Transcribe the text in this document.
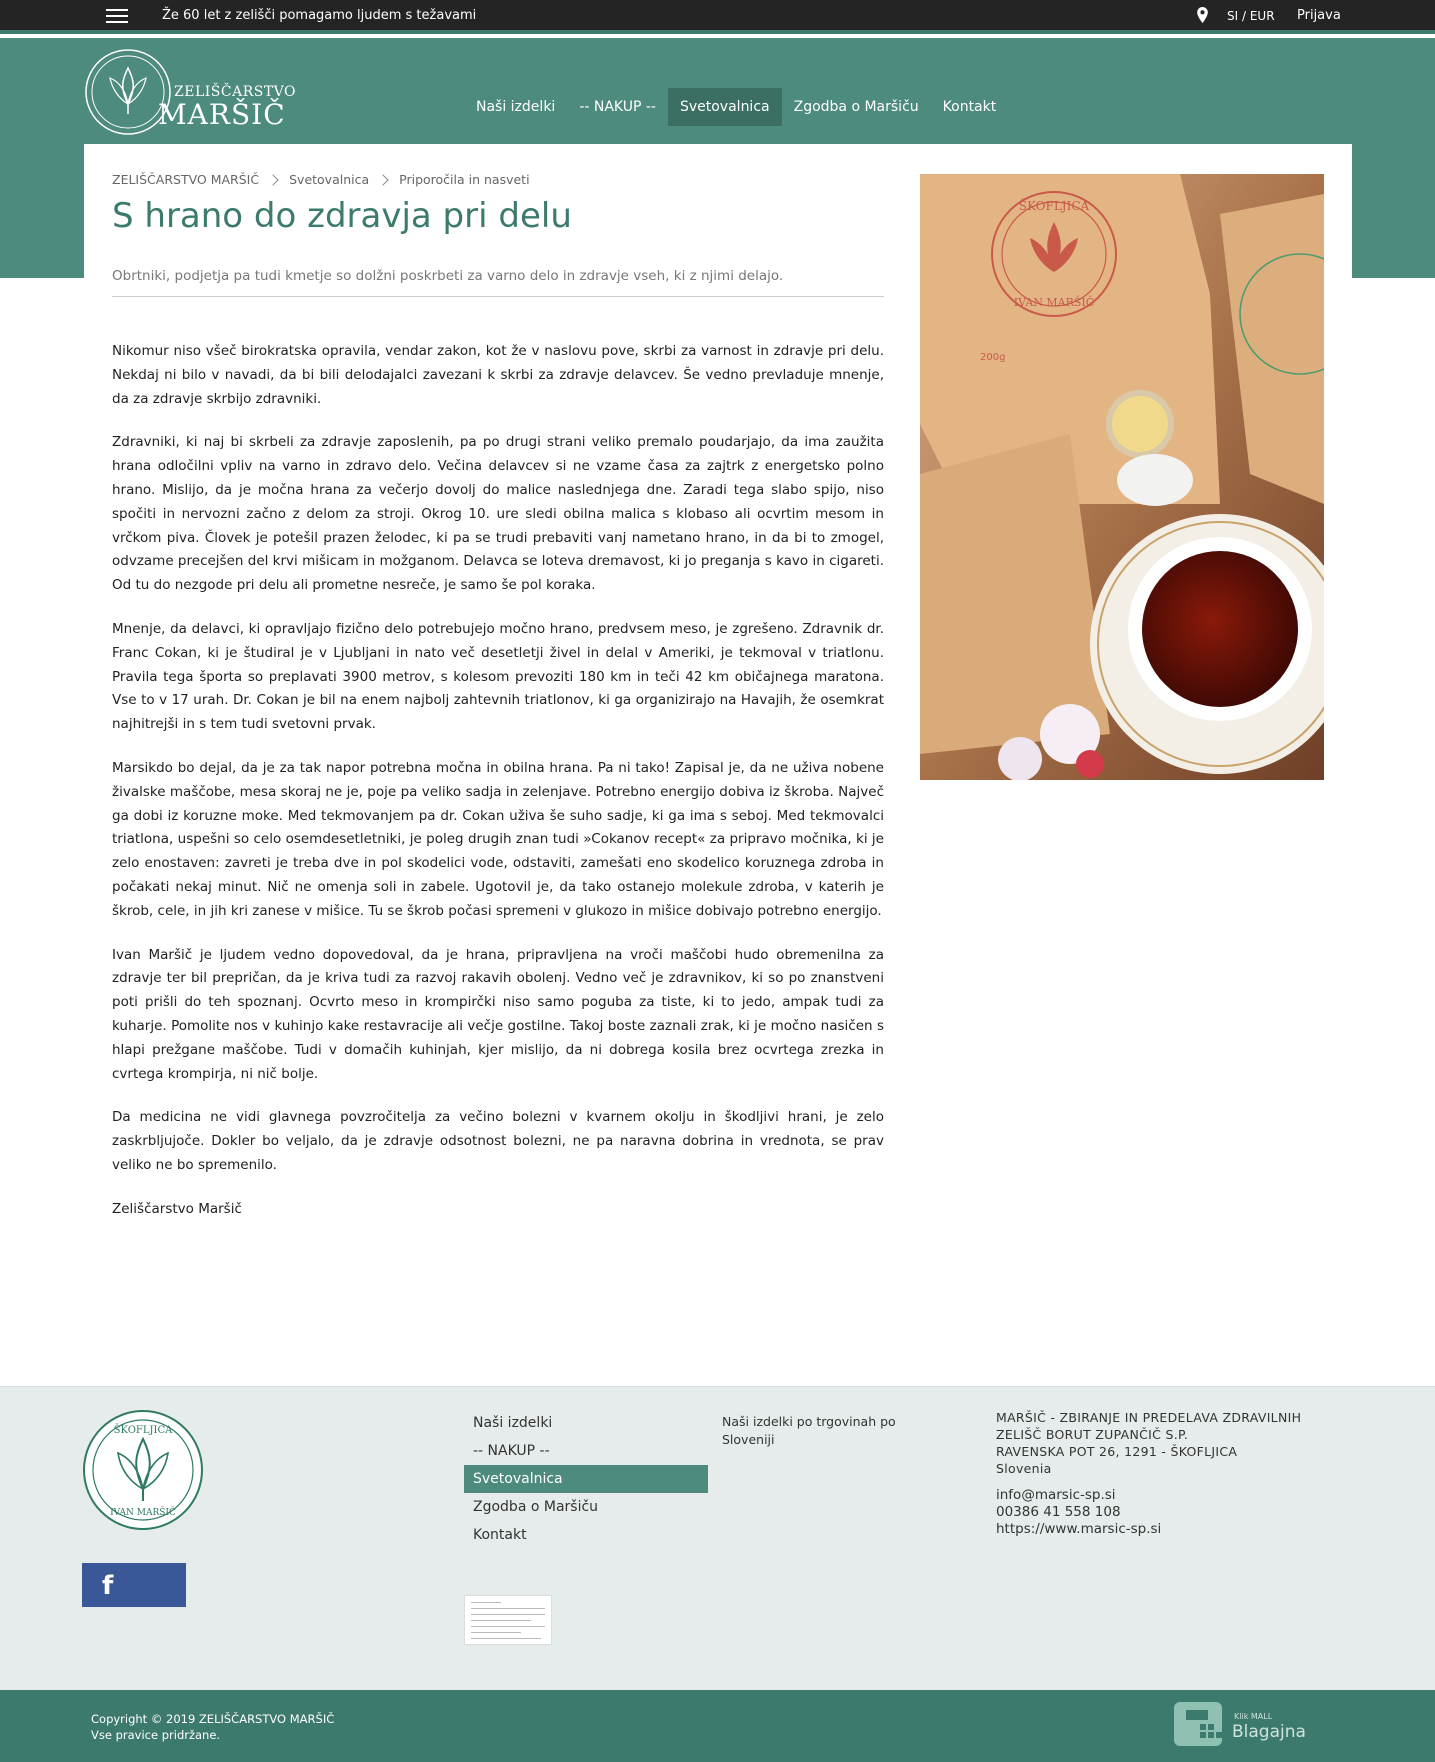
Že 60 let z zelišči pomagamo ljudem s težavami	SI / EUR Prijava
ZELIŠČARSTVO
MARŠIČ	Naši izdelki	-- NAKUP --	Svetovalnica	Zgodba o Maršiču	Kontakt
ZELIŠČARSTVO MARŠIČ Svetovalnica Priporočila in nasveti
S hrano do zdravja pri delu
Obrtniki, podjetja pa tudi kmetje so dolžni poskrbeti za varno delo in zdravje vseh, ki z njimi delajo.

Nikomur niso všeč birokratska opravila, vendar zakon, kot že v naslovu pove, skrbi za varnost in zdravje pri delu. Nekdaj ni bilo v navadi, da bi bili delodajalci zavezani k skrbi za zdravje delavcev. Še vedno prevladuje mnenje, da za zdravje skrbijo zdravniki.

Zdravniki, ki naj bi skrbeli za zdravje zaposlenih, pa po drugi strani veliko premalo poudarjajo, da ima zaužita hrana odločilni vpliv na varno in zdravo delo. Večina delavcev si ne vzame časa za zajtrk z energetsko polno hrano. Mislijo, da je močna hrana za večerjo dovolj do malice naslednjega dne. Zaradi tega slabo spijo, niso spočiti in nervozni začno z delom za stroji. Okrog 10. ure sledi obilna malica s klobaso ali ocvrtim mesom in vrčkom piva. Človek je potešil prazen želodec, ki pa se trudi prebaviti vanj nametano hrano, in da bi to zmogel, odvzame precejšen del krvi mišicam in možganom. Delavca se loteva dremavost, ki jo preganja s kavo in cigareti. Od tu do nezgode pri delu ali prometne nesreče, je samo še pol koraka.

Mnenje, da delavci, ki opravljajo fizično delo potrebujejo močno hrano, predvsem meso, je zgrešeno. Zdravnik dr. Franc Cokan, ki je študiral je v Ljubljani in nato več desetletji živel in delal v Ameriki, je tekmoval v triatlonu. Pravila tega športa so preplavati 3900 metrov, s kolesom prevoziti 180 km in teči 42 km običajnega maratona. Vse to v 17 urah. Dr. Cokan je bil na enem najbolj zahtevnih triatlonov, ki ga organizirajo na Havajih, že osemkrat najhitrejši in s tem tudi svetovni prvak.

Marsikdo bo dejal, da je za tak napor potrebna močna in obilna hrana. Pa ni tako! Zapisal je, da ne uživa nobene živalske maščobe, mesa skoraj ne je, poje pa veliko sadja in zelenjave. Potrebno energijo dobiva iz škroba. Največ ga dobi iz koruzne moke. Med tekmovanjem pa dr. Cokan uživa še suho sadje, ki ga ima s seboj. Med tekmovalci triatlona, uspešni so celo osemdesetletniki, je poleg drugih znan tudi »Cokanov recept« za pripravo močnika, ki je zelo enostaven: zavreti je treba dve in pol skodelici vode, odstaviti, zamešati eno skodelico koruznega zdroba in počakati nekaj minut. Nič ne omenja soli in zabele. Ugotovil je, da tako ostanejo molekule zdroba, v katerih je škrob, cele, in jih kri zanese v mišice. Tu se škrob počasi spremeni v glukozo in mišice dobivajo potrebno energijo.

Ivan Maršič je ljudem vedno dopovedoval, da je hrana, pripravljena na vroči maščobi hudo obremenilna za zdravje ter bil prepričan, da je kriva tudi za razvoj rakavih obolenj. Vedno več je zdravnikov, ki so po znanstveni poti prišli do teh spoznanj. Ocvrto meso in krompirčki niso samo poguba za tiste, ki to jedo, ampak tudi za kuharje. Pomolite nos v kuhinjo kake restavracije ali večje gostilne. Takoj boste zaznali zrak, ki je močno nasičen s hlapi prežgane maščobe. Tudi v domačih kuhinjah, kjer mislijo, da ni dobrega kosila brez ocvrtega zrezka in cvrtega krompirja, ni nič bolje.

Da medicina ne vidi glavnega povzročitelja za večino bolezni v kvarnem okolju in škodljivi hrani, je zelo zaskrbljujoče. Dokler bo veljalo, da je zdravje odsotnost bolezni, ne pa naravna dobrina in vrednota, se prav veliko ne bo spremenilo.

Zeliščarstvo Maršič

ŠKOFLJICA
IVAN MARŠIČ
200g
ŠKOFLJICA
IVAN MARŠIČ
f
Naši izdelki
-- NAKUP --
Svetovalnica
Zgodba o Maršiču
Kontakt
Naši izdelki po trgovinah po Sloveniji
MARŠIČ - ZBIRANJE IN PREDELAVA ZDRAVILNIH
ZELIŠČ BORUT ZUPANČIČ S.P.
RAVENSKA POT 26, 1291 - ŠKOFLJICA
Slovenia
info@marsic-sp.si
00386 41 558 108
https://www.marsic-sp.si
Copyright © 2019 ZELIŠČARSTVO MARŠIČ
Vse pravice pridržane.
Klik MALL
Blagajna
